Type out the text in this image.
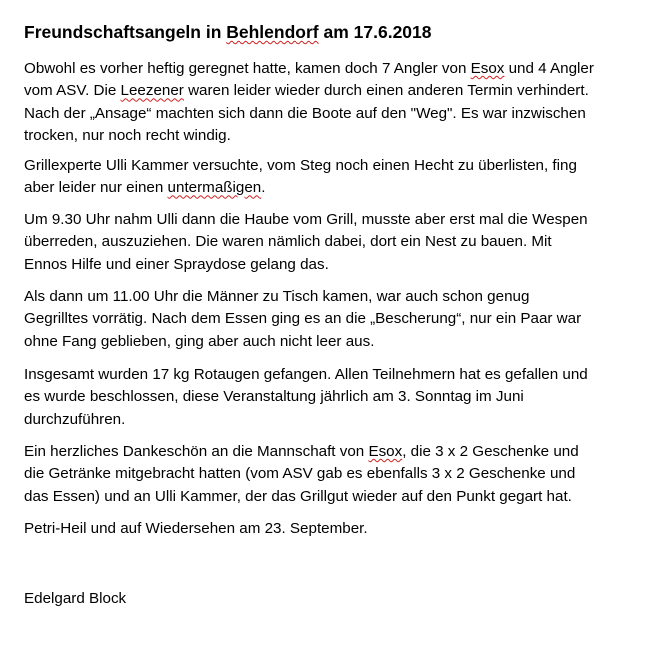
Freundschaftsangeln in Behlendorf am 17.6.2018

Obwohl es vorher heftig geregnet hatte, kamen doch 7 Angler von Esox und 4 Angler
vom ASV. Die Leezener waren leider wieder durch einen anderen Termin verhindert.
Nach der „Ansage“ machten sich dann die Boote auf den "Weg". Es war inzwischen
trocken, nur noch recht windig.

Grillexperte Ulli Kammer versuchte, vom Steg noch einen Hecht zu überlisten, fing
aber leider nur einen untermaßigen.

Um 9.30 Uhr nahm Ulli dann die Haube vom Grill, musste aber erst mal die Wespen
überreden, auszuziehen. Die waren nämlich dabei, dort ein Nest zu bauen. Mit
Ennos Hilfe und einer Spraydose gelang das.

Als dann um 11.00 Uhr die Männer zu Tisch kamen, war auch schon genug
Gegrilltes vorrätig. Nach dem Essen ging es an die „Bescherung“, nur ein Paar war
ohne Fang geblieben, ging aber auch nicht leer aus.

Insgesamt wurden 17 kg Rotaugen gefangen. Allen Teilnehmern hat es gefallen und
es wurde beschlossen, diese Veranstaltung jährlich am 3. Sonntag im Juni
durchzuführen.

Ein herzliches Dankeschön an die Mannschaft von Esox, die 3 x 2 Geschenke und
die Getränke mitgebracht hatten (vom ASV gab es ebenfalls 3 x 2 Geschenke und
das Essen) und an Ulli Kammer, der das Grillgut wieder auf den Punkt gegart hat.

Petri-Heil und auf Wiedersehen am 23. September.

Edelgard Block
